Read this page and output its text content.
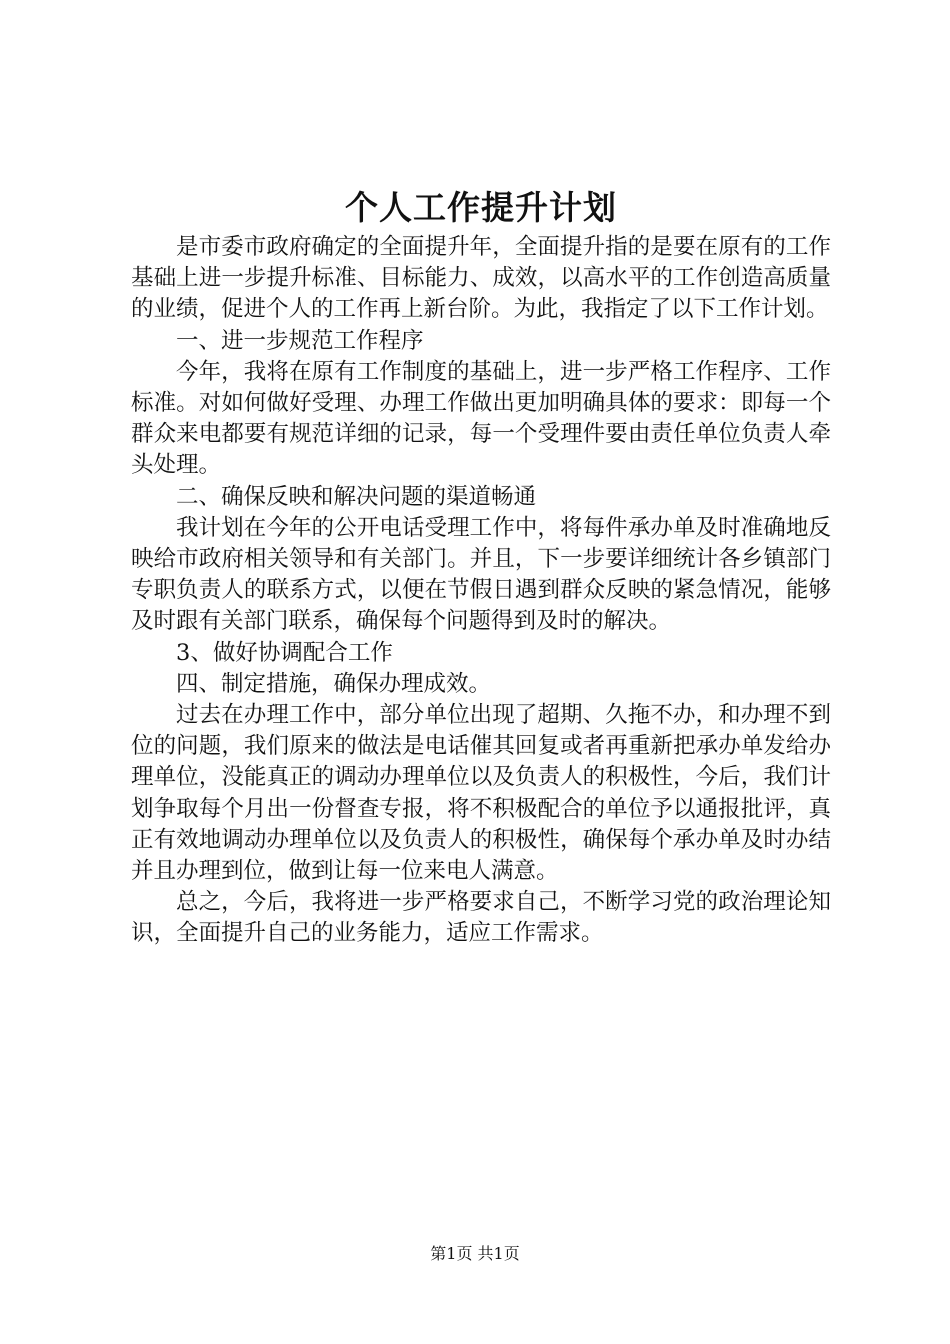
个人工作提升计划

是市委市政府确定的全面提升年，全面提升指的是要在原有的工作基础上进一步提升标准、目标能力、成效，以高水平的工作创造高质量的业绩，促进个人的工作再上新台阶。为此，我指定了以下工作计划。

一、进一步规范工作程序

今年，我将在原有工作制度的基础上，进一步严格工作程序、工作标准。对如何做好受理、办理工作做出更加明确具体的要求：即每一个群众来电都要有规范详细的记录，每一个受理件要由责任单位负责人牵头处理。

二、确保反映和解决问题的渠道畅通

我计划在今年的公开电话受理工作中，将每件承办单及时准确地反映给市政府相关领导和有关部门。并且，下一步要详细统计各乡镇部门专职负责人的联系方式，以便在节假日遇到群众反映的紧急情况，能够及时跟有关部门联系，确保每个问题得到及时的解决。

3、做好协调配合工作

四、制定措施，确保办理成效。

过去在办理工作中，部分单位出现了超期、久拖不办，和办理不到位的问题，我们原来的做法是电话催其回复或者再重新把承办单发给办理单位，没能真正的调动办理单位以及负责人的积极性，今后，我们计划争取每个月出一份督查专报，将不积极配合的单位予以通报批评，真正有效地调动办理单位以及负责人的积极性，确保每个承办单及时办结并且办理到位，做到让每一位来电人满意。

总之，今后，我将进一步严格要求自己，不断学习党的政治理论知识，全面提升自己的业务能力，适应工作需求。

第1页 共1页
